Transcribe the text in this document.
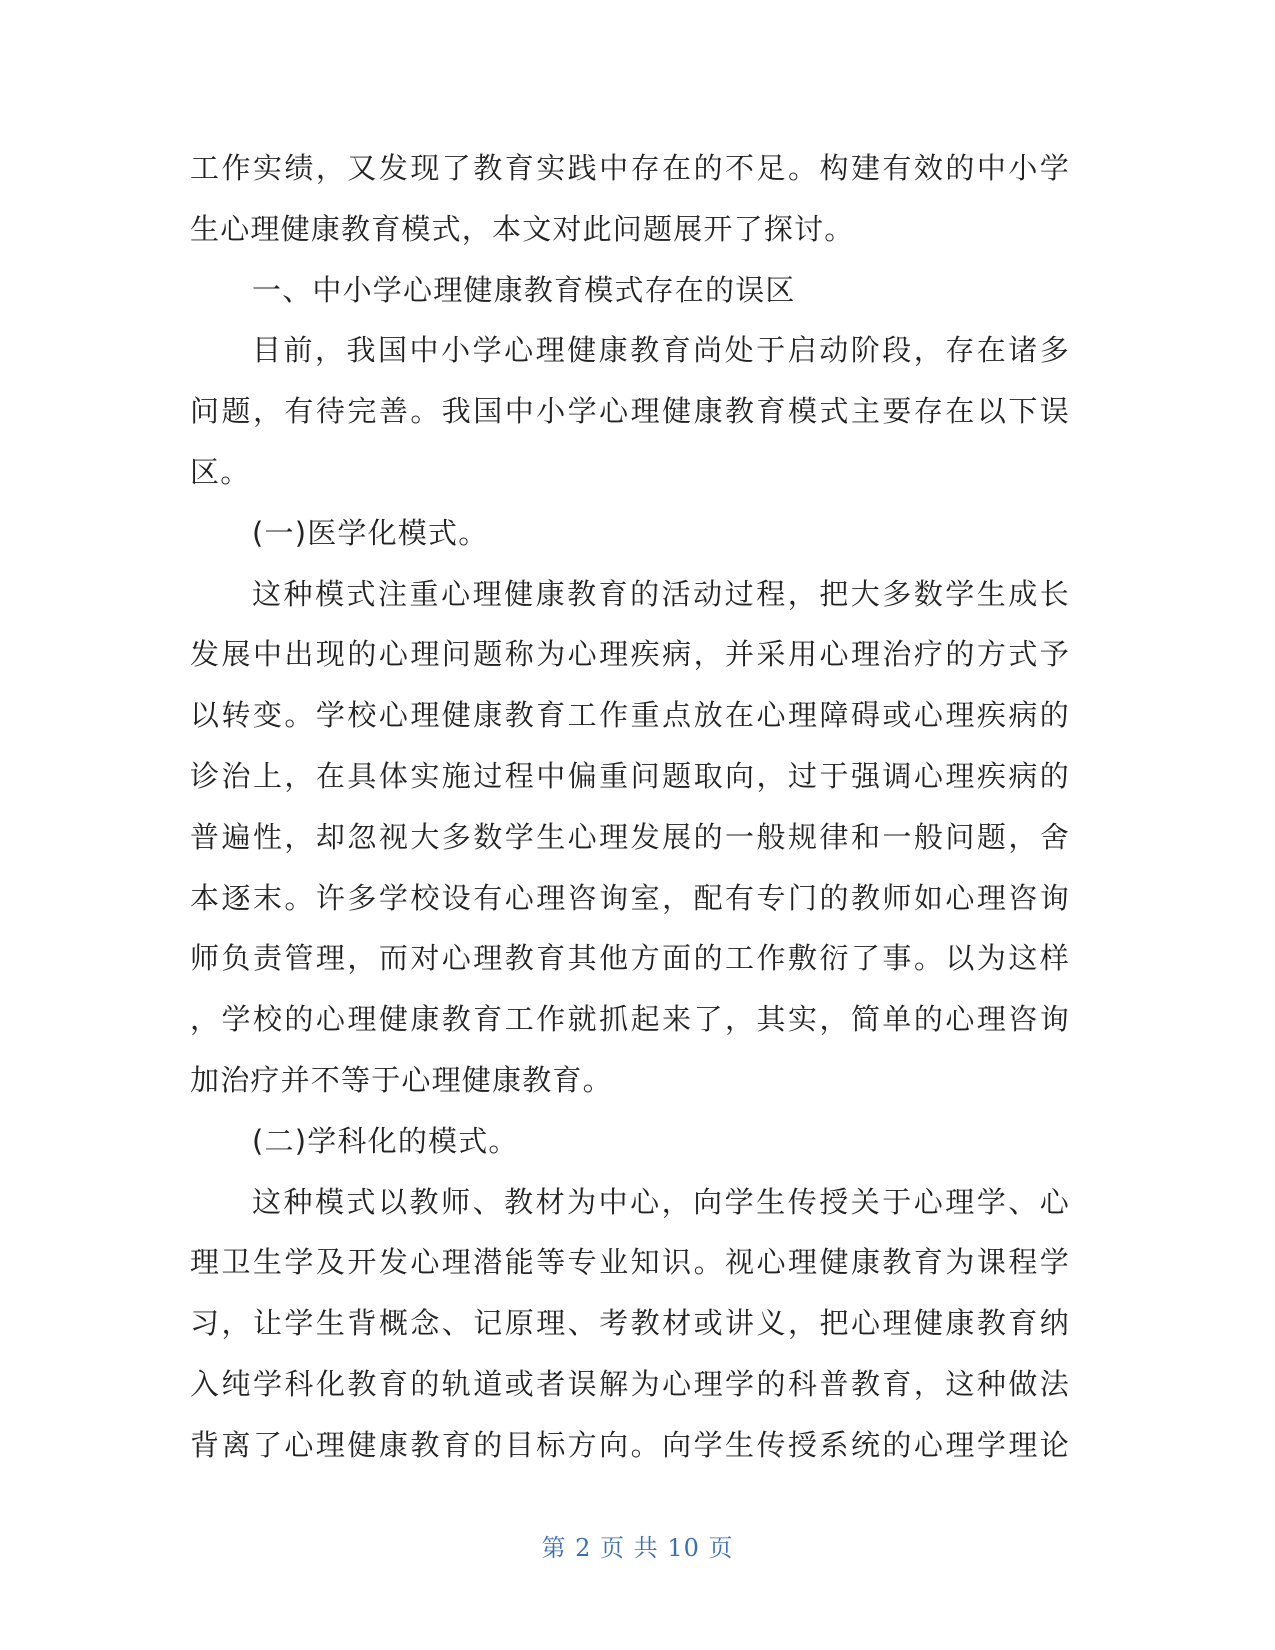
工作实绩，又发现了教育实践中存在的不足。构建有效的中小学
生心理健康教育模式，本文对此问题展开了探讨。
一、中小学心理健康教育模式存在的误区
目前，我国中小学心理健康教育尚处于启动阶段，存在诸多
问题，有待完善。我国中小学心理健康教育模式主要存在以下误
区。
(一)医学化模式。
这种模式注重心理健康教育的活动过程，把大多数学生成长
发展中出现的心理问题称为心理疾病，并采用心理治疗的方式予
以转变。学校心理健康教育工作重点放在心理障碍或心理疾病的
诊治上，在具体实施过程中偏重问题取向，过于强调心理疾病的
普遍性，却忽视大多数学生心理发展的一般规律和一般问题，舍
本逐末。许多学校设有心理咨询室，配有专门的教师如心理咨询
师负责管理，而对心理教育其他方面的工作敷衍了事。以为这样
，学校的心理健康教育工作就抓起来了，其实，简单的心理咨询
加治疗并不等于心理健康教育。
(二)学科化的模式。
这种模式以教师、教材为中心，向学生传授关于心理学、心
理卫生学及开发心理潜能等专业知识。视心理健康教育为课程学
习，让学生背概念、记原理、考教材或讲义，把心理健康教育纳
入纯学科化教育的轨道或者误解为心理学的科普教育，这种做法
背离了心理健康教育的目标方向。向学生传授系统的心理学理论
第 2 页 共 10 页
